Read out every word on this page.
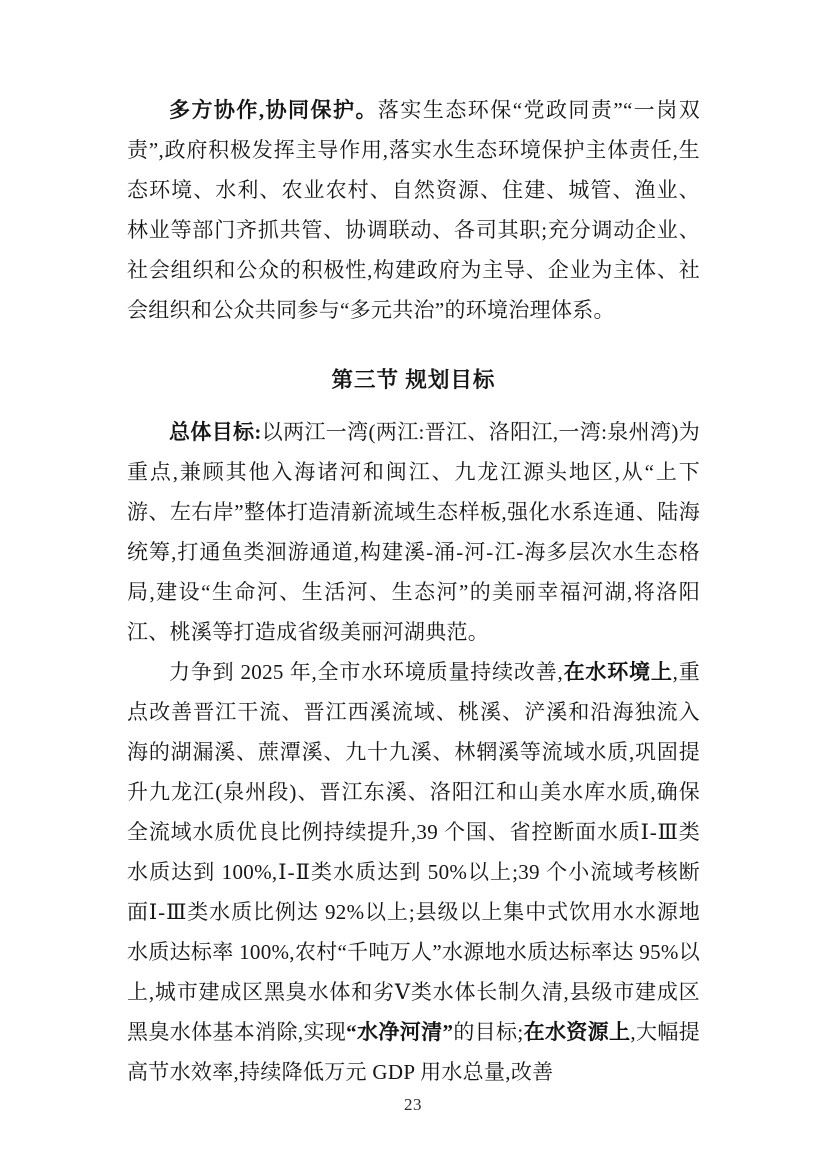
多方协作,协同保护。落实生态环保“党政同责”“一岗双责”,政府积极发挥主导作用,落实水生态环境保护主体责任,生态环境、水利、农业农村、自然资源、住建、城管、渔业、林业等部门齐抓共管、协调联动、各司其职;充分调动企业、社会组织和公众的积极性,构建政府为主导、企业为主体、社会组织和公众共同参与“多元共治”的环境治理体系。

第三节 规划目标

总体目标:以两江一湾(两江:晋江、洛阳江,一湾:泉州湾)为重点,兼顾其他入海诸河和闽江、九龙江源头地区,从“上下游、左右岸”整体打造清新流域生态样板,强化水系连通、陆海统筹,打通鱼类洄游通道,构建溪-涌-河-江-海多层次水生态格局,建设“生命河、生活河、生态河”的美丽幸福河湖,将洛阳江、桃溪等打造成省级美丽河湖典范。

力争到 2025 年,全市水环境质量持续改善,在水环境上,重点改善晋江干流、晋江西溪流域、桃溪、浐溪和沿海独流入海的湖漏溪、蔗潭溪、九十九溪、林辋溪等流域水质,巩固提升九龙江(泉州段)、晋江东溪、洛阳江和山美水库水质,确保全流域水质优良比例持续提升,39 个国、省控断面水质Ⅰ-Ⅲ类水质达到 100%,Ⅰ-Ⅱ类水质达到 50%以上;39 个小流域考核断面Ⅰ-Ⅲ类水质比例达 92%以上;县级以上集中式饮用水水源地水质达标率 100%,农村“千吨万人”水源地水质达标率达 95%以上,城市建成区黑臭水体和劣Ⅴ类水体长制久清,县级市建成区黑臭水体基本消除,实现“水净河清”的目标;在水资源上,大幅提高节水效率,持续降低万元 GDP 用水总量,改善

23
